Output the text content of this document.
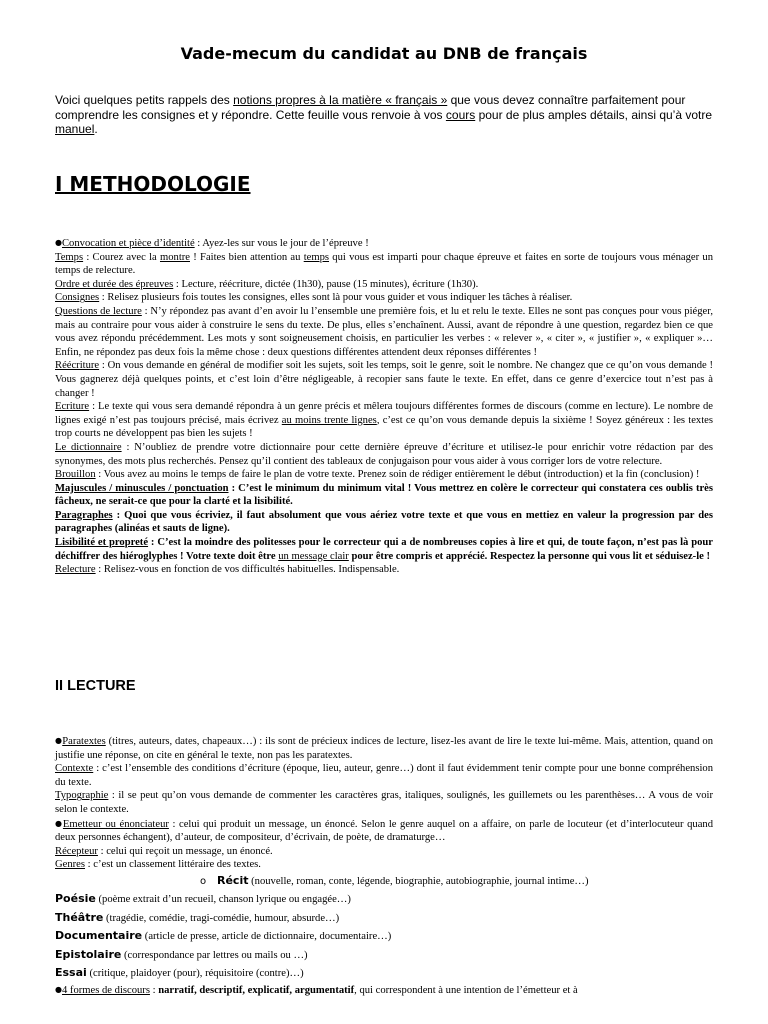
Vade-mecum du candidat au DNB de français

Voici quelques petits rappels des notions propres à la matière « français » que vous devez connaître parfaitement pour comprendre les consignes et y répondre. Cette feuille vous renvoie à vos cours pour de plus amples détails, ainsi qu’à votre manuel.

I METHODOLOGIE

●Convocation et pièce d’identité : Ayez-les sur vous le jour de l’épreuve !

Temps : Courez avec la montre ! Faites bien attention au temps qui vous est imparti pour chaque épreuve et faites en sorte de toujours vous ménager un temps de relecture.

Ordre et durée des épreuves : Lecture, réécriture, dictée (1h30), pause (15 minutes), écriture (1h30).

Consignes : Relisez plusieurs fois toutes les consignes, elles sont là pour vous guider et vous indiquer les tâches à réaliser.

Questions de lecture : N’y répondez pas avant d’en avoir lu l’ensemble une première fois, et lu et relu le texte. Elles ne sont pas conçues pour vous piéger, mais au contraire pour vous aider à construire le sens du texte. De plus, elles s’enchaînent. Aussi, avant de répondre à une question, regardez bien ce que vous avez répondu précédemment. Les mots y sont soigneusement choisis, en particulier les verbes : « relever », « citer », « justifier », « expliquer »… Enfin, ne répondez pas deux fois la même chose : deux questions différentes attendent deux réponses différentes !

Réécriture : On vous demande en général de modifier soit les sujets, soit les temps, soit le genre, soit le nombre. Ne changez que ce qu’on vous demande ! Vous gagnerez déjà quelques points, et c’est loin d’être négligeable, à recopier sans faute le texte. En effet, dans ce genre d’exercice tout n’est pas à changer !

Ecriture : Le texte qui vous sera demandé répondra à un genre précis et mêlera toujours différentes formes de discours (comme en lecture). Le nombre de lignes exigé n’est pas toujours précisé, mais écrivez au moins trente lignes, c’est ce qu’on vous demande depuis la sixième ! Soyez généreux : les textes trop courts ne développent pas bien les sujets !

Le dictionnaire : N’oubliez de prendre votre dictionnaire pour cette dernière épreuve d’écriture et utilisez-le pour enrichir votre rédaction par des synonymes, des mots plus recherchés. Pensez qu’il contient des tableaux de conjugaison pour vous aider à vous corriger lors de votre relecture.

Brouillon : Vous avez au moins le temps de faire le plan de votre texte. Prenez soin de rédiger entièrement le début (introduction) et la fin (conclusion) !

Majuscules / minuscules / ponctuation : C’est le minimum du minimum vital ! Vous mettrez en colère le correcteur qui constatera ces oublis très fâcheux, ne serait-ce que pour la clarté et la lisibilité.

Paragraphes : Quoi que vous écriviez, il faut absolument que vous aériez votre texte et que vous en mettiez en valeur la progression par des paragraphes (alinéas et sauts de ligne).

Lisibilité et propreté : C’est la moindre des politesses pour le correcteur qui a de nombreuses copies à lire et qui, de toute façon, n’est pas là pour déchiffrer des hiéroglyphes ! Votre texte doit être un message clair pour être compris et apprécié. Respectez la personne qui vous lit et séduisez-le !

Relecture : Relisez-vous en fonction de vos difficultés habituelles. Indispensable.

II LECTURE

●Paratextes (titres, auteurs, dates, chapeaux…) : ils sont de précieux indices de lecture, lisez-les avant de lire le texte lui-même. Mais, attention, quand on justifie une réponse, on cite en général le texte, non pas les paratextes.

Contexte : c’est l’ensemble des conditions d’écriture (époque, lieu, auteur, genre…) dont il faut évidemment tenir compte pour une bonne compréhension du texte.

Typographie : il se peut qu’on vous demande de commenter les caractères gras, italiques, soulignés, les guillemets ou les parenthèses… A vous de voir selon le contexte.

●Emetteur ou énonciateur : celui qui produit un message, un énoncé. Selon le genre auquel on a affaire, on parle de locuteur (et d’interlocuteur quand deux personnes échangent), d’auteur, de compositeur, d’écrivain, de poète, de dramaturge…

Récepteur : celui qui reçoit un message, un énoncé.

Genres : c’est un classement littéraire des textes.

o Récit (nouvelle, roman, conte, légende, biographie, autobiographie, journal intime…)

Poésie (poème extrait d’un recueil, chanson lyrique ou engagée…)

Théâtre (tragédie, comédie, tragi-comédie, humour, absurde…)

Documentaire (article de presse, article de dictionnaire, documentaire…)

Epistolaire (correspondance par lettres ou mails ou …)

Essai (critique, plaidoyer (pour), réquisitoire (contre)…)

●4 formes de discours : narratif, descriptif, explicatif, argumentatif, qui correspondent à une intention de l’émetteur et à
